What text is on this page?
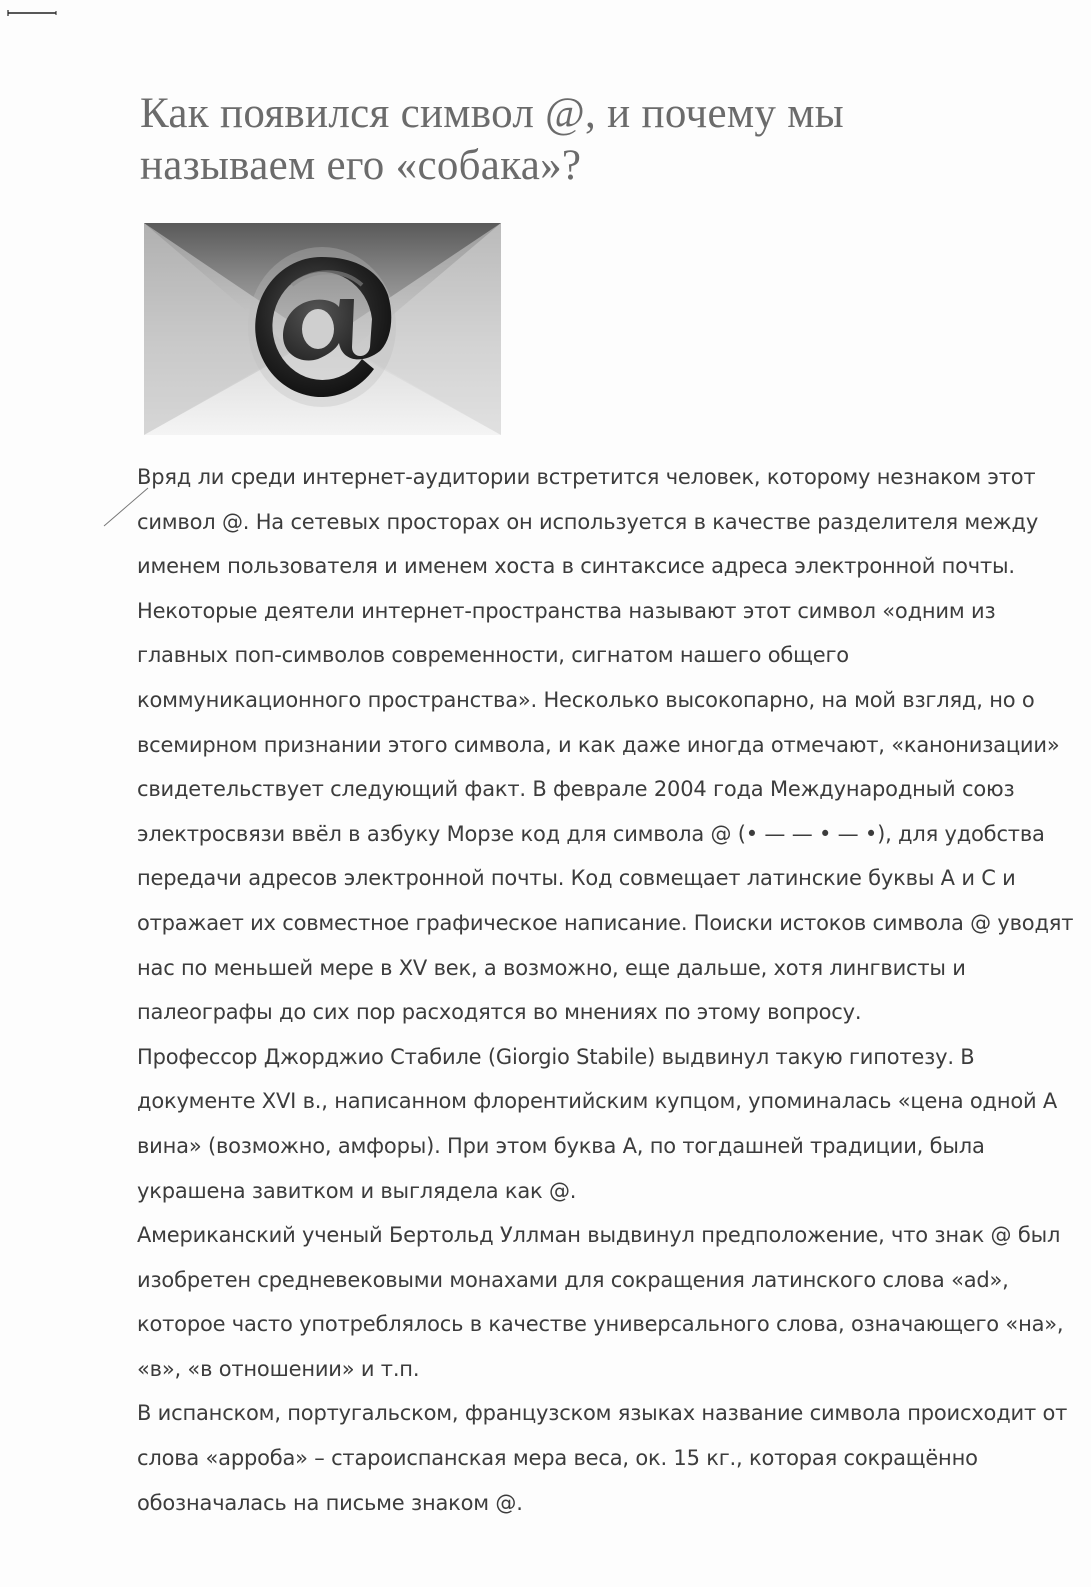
Как появился символ @, и почему мы
называем его «собака»?

Вряд ли среди интернет-аудитории встретится человек, которому незнаком этот символ @. На сетевых просторах он используется в качестве разделителя между именем пользователя и именем хоста в синтаксисе адреса электронной почты. Некоторые деятели интернет-пространства называют этот символ «одним из главных поп-символов современности, сигнатом нашего общего коммуникационного пространства». Несколько высокопарно, на мой взгляд, но о всемирном признании этого символа, и как даже иногда отмечают, «канонизации» свидетельствует следующий факт. В феврале 2004 года Международный союз электросвязи ввёл в азбуку Морзе код для символа @ (• — — • — •), для удобства передачи адресов электронной почты. Код совмещает латинские буквы А и С и отражает их совместное графическое написание. Поиски истоков символа @ уводят нас по меньшей мере в XV век, а возможно, еще дальше, хотя лингвисты и палеографы до сих пор расходятся во мнениях по этому вопросу.

Профессор Джорджио Стабиле (Giorgio Stabile) выдвинул такую гипотезу. В документе XVI в., написанном флорентийским купцом, упоминалась «цена одной А вина» (возможно, амфоры). При этом буква А, по тогдашней традиции, была украшена завитком и выглядела как @.

Американский ученый Бертольд Уллман выдвинул предположение, что знак @ был изобретен средневековыми монахами для сокращения латинского слова «ad», которое часто употреблялось в качестве универсального слова, означающего «на», «в», «в отношении» и т.п.

В испанском, португальском, французском языках название символа происходит от слова «арроба» – староиспанская мера веса, ок. 15 кг., которая сокращённо обозначалась на письме знаком @.
